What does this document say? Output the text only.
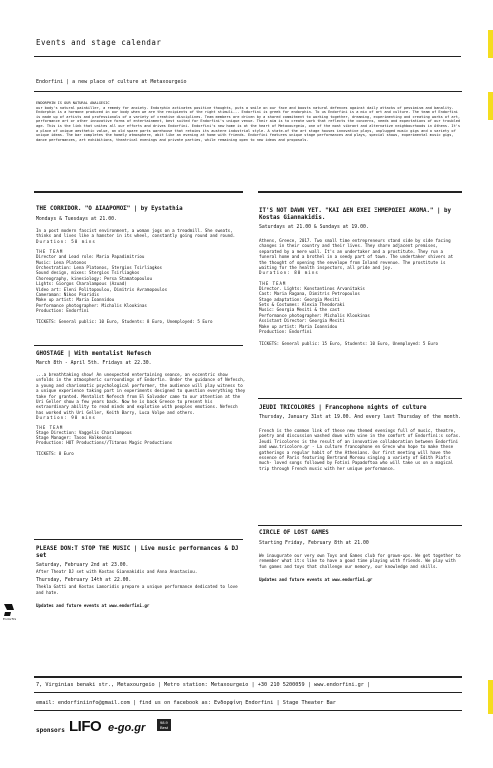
Events and stage calendar
Endorfini | a new place of culture at Metaxourgeio
ENDORPHIN IS OUR NATURAL ANALGESIC
our body's natural painkiller, a remedy for anxiety. Endorphin activates positive thoughts, puts a smile on our face and boosts natural defences against daily attacks of pessimism and banality. Endorphin is a hormone produced in our body when we are the recipients of the right stimuli... Endorfini is greek for endorphin. To us Endorfini is a mix of art and culture. The team of Endorfini is made up of artists and professionals of a variety of creative disciplines. Team members are driven by a shared commitment to working together, dreaming, experimenting and creating works of art, performance art or other innovative forms of entertainment, best suited for Endorfini's unique venue. Their aim is to create work that reflects the concerns, needs and expectations of our troubled age. This is the link that unites all our efforts and drives Endorfini. Endorfini's new home is at the heart of Metaxourgeio, one of the most vibrant and alternative neighbourhoods in Athens. It's a place of unique aesthetic value, an old spare parts warehouse that retains its austere industrial style. A state-of the art stage houses innovative plays, unplugged music gigs and a variety of unique ideas. The bar completes the homely atmosphere, abit like an evening at home with friends. Endorfini features unique stage performances and plays, special shows, experimental music gigs, dance performances, art exhibitions, theatrical evenings and private parties, while remaining open to new ideas and proposals.
THE CORRIDOR. "O ΔΙΑΔΡΟΜΟΣ" | by Eystathia
Mondays & Tuesdays at 21.00.
In a post modern fascist environment, a woman jogs on a treadmill. She sweats, thinks and lives like a hamster in its wheel, constantly going round and round.
Duration: 50 mins
THE TEAM
Director and Lead role: Maria Papadimitriou
Music: Lena Platonos
Orchestration: Lena Platonos, Stergios Tsirliagkos
Sound design, mixes: Stergios Tsirliagkos
Choreography, kinesiology: Persa Stamatopoulou
Lights: Giorgos Charalampous (Azuad)
Video art: Eleni Politopoulou, Dimitris Avramopoulos
Cameraman: Nikos Psaridis
Make up artist: Maria Ioannidou
Performance photographer: Michalis Klookinas
Production: Endorfini
TICKETS: General public: 10 Euro, Students: 8 Euro, Unemployed: 5 Euro
GHOSTAGE | With mentalist Nefesch
March 8th - April 5th. Fridays at 22.30.
...a breathtaking show! An unexpected entertaining seance, an eccentric show unfolds in the atmospheric surroundings of Endorfin. Under the guidance of Nefesch, a young and charismatic psychological performer, the audience will play witness to a unique experience taking part in experiments designed to question everything they take for granted. Mentalist Nefesch from El Salvador came to our attention at the Uri Geller show a few years back. Now he is back Greece to present his extraordinary ability to read minds and explotise with peoples emotions. Nefesch has worked with Uri Geller, Keith Barry, Luca Volpe and others.
Duration: 90 mins
THE TEAM
Stage Direction: Vaggelis Charalampous
Stage Manager: Tasos Halkeonis
Production: HOT Productions//Titanas Magic Productions
TICKETS: 8 Euro
PLEASE DON:T STOP THE MUSIC | Live music performances & DJ set
Saturday, February 2nd at 23.00.
After Theatr DJ set with Kostas Giannakidis and Anna Anastasiou.
Thursday, February 14th at 22.00.
Thekla Gatti and Kostas Lamoridis prepare a unique performance dedicated to love and hate.
Updates and future events at www.endorfini.gr
IT'S NOT DAWN YET. "ΚΑΙ ΔΕΝ ΕΧΕΙ ΞΗΜΕΡΩΣΕΙ ΑΚΟΜΑ." | by Kostas Giannakidis.
Saturdays at 21.00 & Sundays at 19.00.
Athens, Greece, 2017. Two small time entrepreneurs stand side by side facing changes in their country and their lives. They share adjacent premises, separated by a mere wall. It's an undertaker and a prostitute. They run a funeral home and a brothel in a seedy part of town. The undertaker shivers at the thought of opening the envelope from Inland revenue. The prostitute is waiting for the health inspectors, all pride and joy.
Duration: 80 mins
THE TEAM
Director. Lights: Konstantinos Arvanitakis
Cast: Maria Ragana, Dimitris Petropoulos
Stage adaptation: Georgia Mesiti
Sets & Costumes: Alexia Theodoraki
Music: Georgia Mesiti & the cast
Performance photographer: Michalis Klookinas
Assistant Director: Georgia Mesiti
Make up artist: Maria Ioannidou
Production: Endorfini
TICKETS: General public: 15 Euro, Students: 10 Euro, Unemployed: 5 Euro
JEUDI TRICOLORES | Francophone nights of culture
Thursday, January 31st at 19.00. And every last Thursday of the month.
French is the common link of these new themed evenings full of music, theatre, poetry and discussion washed down with wine in the comfort of Endorfini:s sofas. Jeudi Tricolores is the result of an innovative collaboration between Endorfini and www.tricolore.gr - La culture francophone en Grece who hope to make these gatherings a regular habit of the Athenians. Our first meeting will have the essence of Paris featuring Bertrand Moreau singing a variety of Edith Piaf:s much- loved songs followed by Fotini Papadoftoa who will take us on a magical trip through French music with her unique performance.
CIRCLE OF LOST GAMES
Starting Friday, February 8th at 21.00
We inaugurate our very own Toys and Games club for grown-ups. We get together to remember what it:s like to have a good time playing with friends. We play with fun games and toys that challenge our memory, our knowledge and skills.
Updates and future events at www.endorfini.gr
Endorfini
7, Virginias benaki str., Metaxourgeio | Metro station: Metaxourgeio | +30 210 5200059 | www.endorfini.gr |
email: endorfiniinfo@gmail.com | find us on facebook as: Ενδορφίνη Endorfini | Stage Theater Bar
sponsors LIFO e-go.gr	98.9
Best
